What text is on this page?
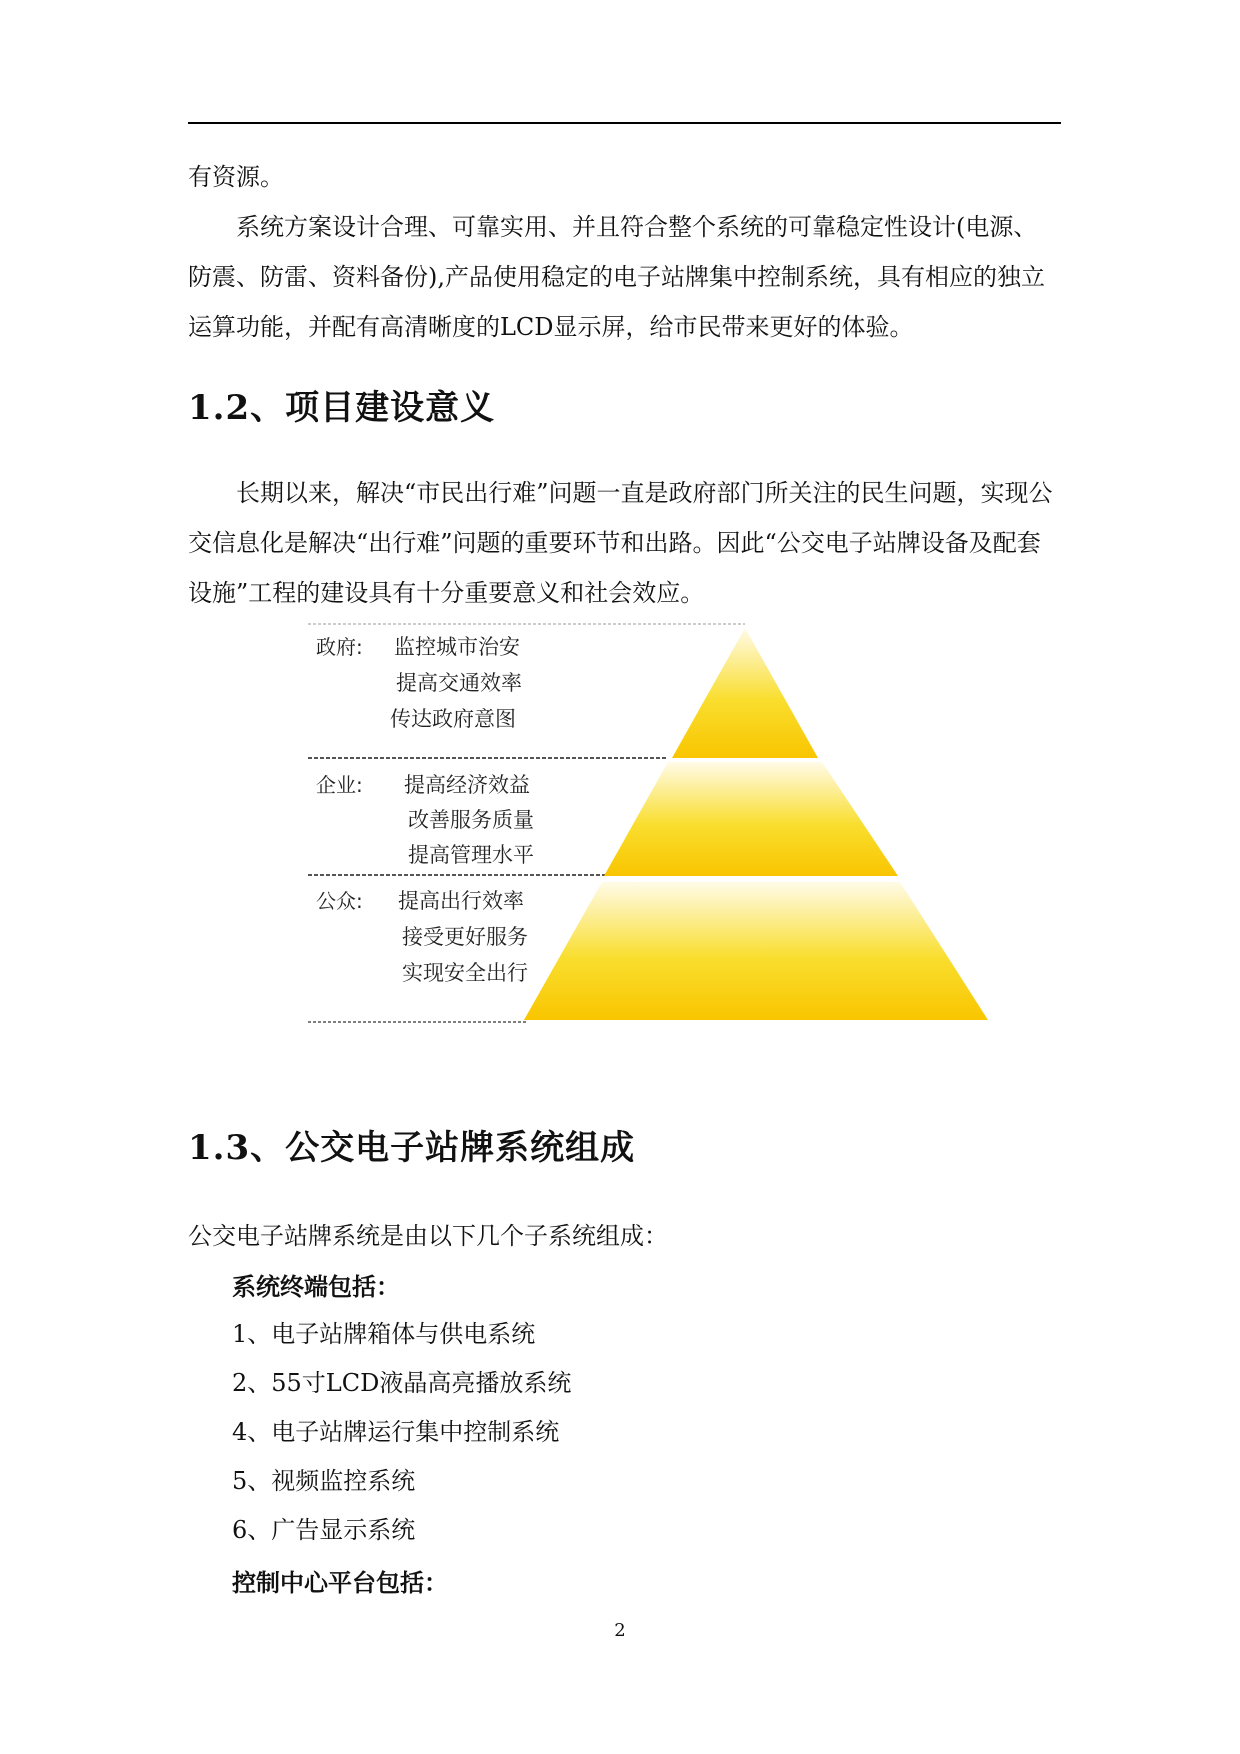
有资源。

系统方案设计合理、可靠实用、并且符合整个系统的可靠稳定性设计(电源、防震、防雷、资料备份),产品使用稳定的电子站牌集中控制系统，具有相应的独立运算功能，并配有高清晰度的LCD显示屏，给市民带来更好的体验。

1.2、项目建设意义

长期以来，解决“市民出行难”问题一直是政府部门所关注的民生问题，实现公交信息化是解决“出行难”问题的重要环节和出路。因此“公交电子站牌设备及配套设施”工程的建设具有十分重要意义和社会效应。

政府: 监控城市治安
提高交通效率
传达政府意图
企业: 提高经济效益
改善服务质量
提高管理水平
公众: 提高出行效率
接受更好服务
实现安全出行
1.3、公交电子站牌系统组成

公交电子站牌系统是由以下几个子系统组成：

系统终端包括：

1、电子站牌箱体与供电系统
2、55寸LCD液晶高亮播放系统
4、电子站牌运行集中控制系统
5、视频监控系统
6、广告显示系统

控制中心平台包括：

2
